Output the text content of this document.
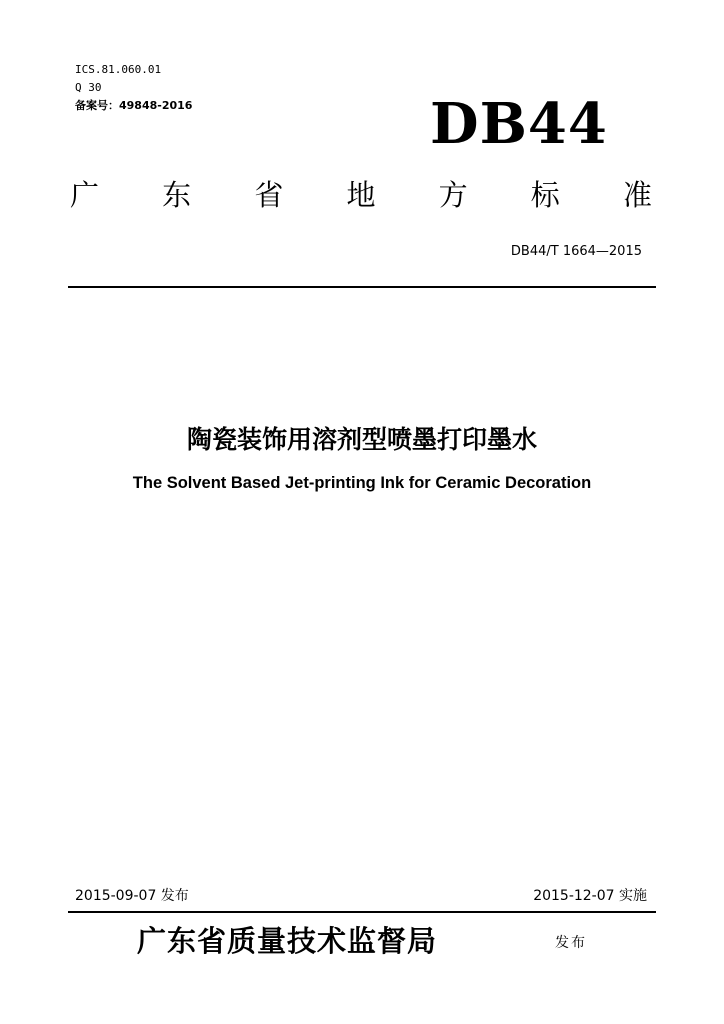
ICS.81.060.01

Q 30

备案号：49848-2016	DB44
广 东 省 地 方 标 准
DB44/T 1664—2015
陶瓷装饰用溶剂型喷墨打印墨水
The Solvent Based Jet-printing Ink for Ceramic Decoration
2015-09-07 发布	2015-12-07 实施
广东省质量技术监督局	发布
